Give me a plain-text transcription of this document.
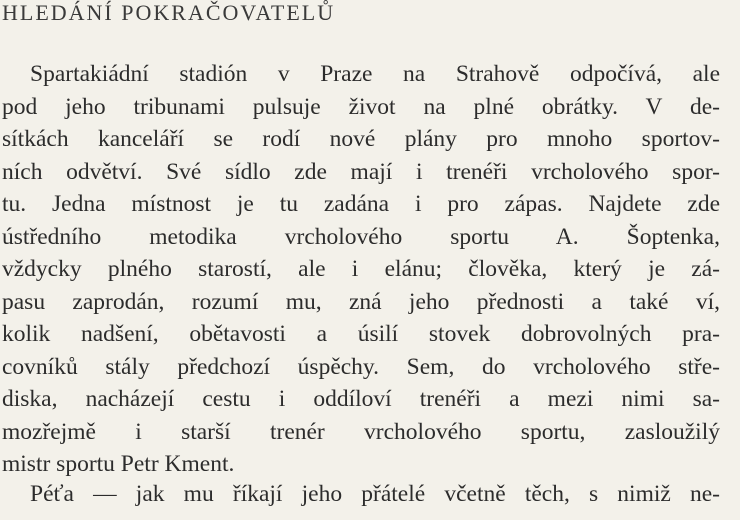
HLEDÁNÍ POKRAČOVATELŮ
Spartakiádní stadión v Praze na Strahově odpočívá, ale
pod jeho tribunami pulsuje život na plné obrátky. V de-
sítkách kanceláří se rodí nové plány pro mnoho sportov-
ních odvětví. Své sídlo zde mají i trenéři vrcholového spor-
tu. Jedna místnost je tu zadána i pro zápas. Najdete zde
ústředního metodika vrcholového sportu A. Šoptenka,
vždycky plného starostí, ale i elánu; člověka, který je zá-
pasu zaprodán, rozumí mu, zná jeho přednosti a také ví,
kolik nadšení, obětavosti a úsilí stovek dobrovolných pra-
covníků stály předchozí úspěchy. Sem, do vrcholového stře-
diska, nacházejí cestu i oddíloví trenéři a mezi nimi sa-
mozřejmě i starší trenér vrcholového sportu, zasloužilý
mistr sportu Petr Kment.
Péťa — jak mu říkají jeho přátelé včetně těch, s nimiž ne-
